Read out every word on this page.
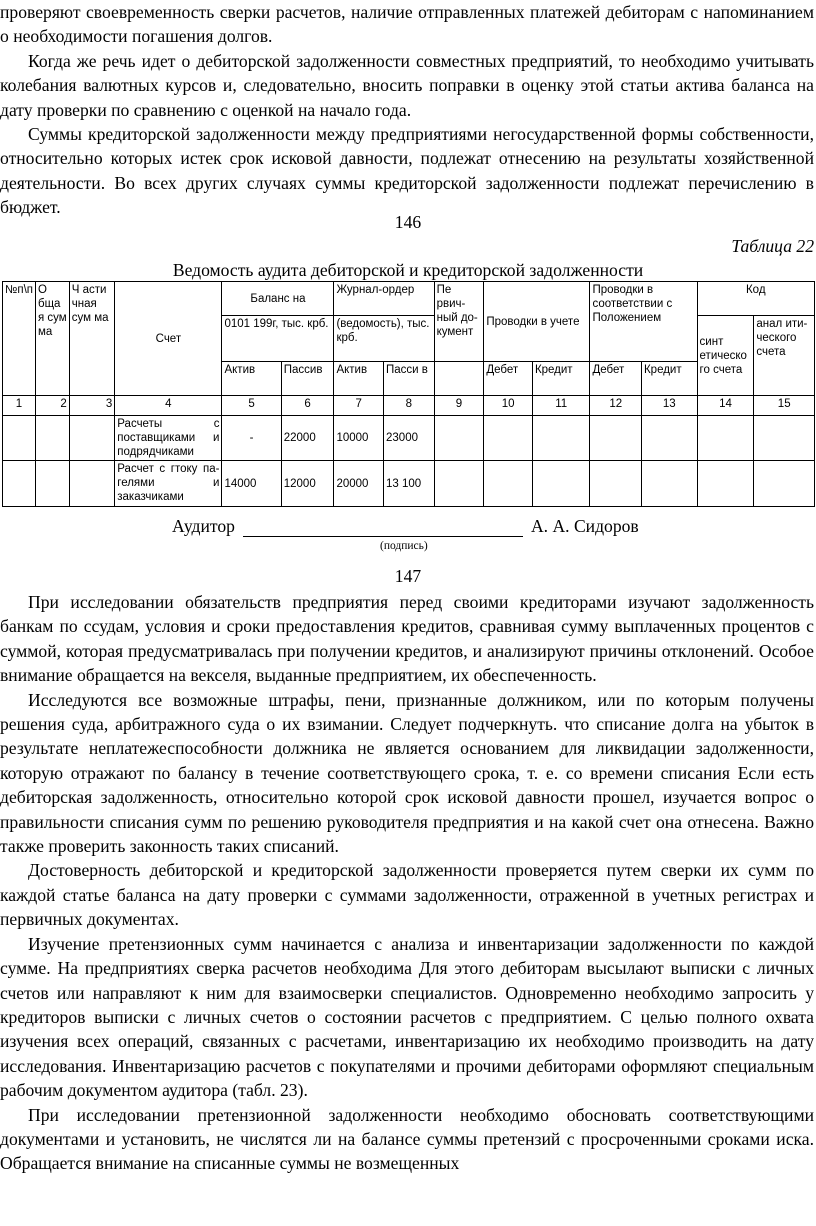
проверяют своевременность сверки расчетов, наличие отправленных платежей дебиторам с напоминанием о необходимости погашения долгов.

Когда же речь идет о дебиторской задолженности совместных предприятий, то необходимо учитывать колебания валютных курсов и, следовательно, вносить поправки в оценку этой статьи актива баланса на дату проверки по сравнению с оценкой на начало года.

Суммы кредиторской задолженности между предприятиями негосударственной формы собственности, относительно которых истек срок исковой давности, подлежат отнесению на результаты хозяйственной деятельности. Во всех других случаях суммы кредиторской задолженности подлежат перечислению в бюджет.

146
Таблица 22
Ведомость аудита дебиторской и кредиторской задолженности
№п\п	О бща я сум ма	Ч асти чная сум ма	Счет	Баланс на		Журнал-ордер		Пе рвич-ный до-кумент	Проводки в учете		Проводки в соответствии с Положением		Код	
				0101 199г, тыс. крб.		(ведомость), тыс. крб.							синт етическо го счета	анал ити-ческого счета
				Актив	Пассив	Актив	Пасси в		Дебет	Кредит	Дебет	Кредит		
1	2	3	4	5	6	7	8	9	10	11	12	13	14	15
			Расчеты с поставщиками и подрядчиками	-	22000	10000	23000							
			Расчет с гтоку па-гелями и заказчиками	14000	12000	20000	13 100							
Аудитор	А. А. Сидоров
(подпись)
147

При исследовании обязательств предприятия перед своими кредиторами изучают задолженность банкам по ссудам, условия и сроки предоставления кредитов, сравнивая сумму выплаченных процентов с суммой, которая предусматривалась при получении кредитов, и анализируют причины отклонений. Особое внимание обращается на векселя, выданные предприятием, их обеспеченность.

Исследуются все возможные штрафы, пени, признанные должником, или по которым получены решения суда, арбитражного суда о их взимании. Следует подчеркнуть. что списание долга на убыток в результате неплатежеспособности должника не является основанием для ликвидации задолженности, которую отражают по балансу в течение соответствующего срока, т. е. со времени списания Если есть дебиторская задолженность, относительно которой срок исковой давности прошел, изучается вопрос о правильности списания сумм по решению руководителя предприятия и на какой счет она отнесена. Важно также проверить законность таких списаний.

Достоверность дебиторской и кредиторской задолженности проверяется путем сверки их сумм по каждой статье баланса на дату проверки с суммами задолженности, отраженной в учетных регистрах и первичных документах.

Изучение претензионных сумм начинается с анализа и инвентаризации задолженности по каждой сумме. На предприятиях сверка расчетов необходима Для этого дебиторам высылают выписки с личных счетов или направляют к ним для взаимосверки специалистов. Одновременно необходимо запросить у кредиторов выписки с личных счетов о состоянии расчетов с предприятием. С целью полного охвата изучения всех операций, связанных с расчетами, инвентаризацию их необходимо производить на дату исследования. Инвентаризацию расчетов с покупателями и прочими дебиторами оформляют специальным рабочим документом аудитора (табл. 23).

При исследовании претензионной задолженности необходимо обосновать соответствующими документами и установить, не числятся ли на балансе суммы претензий с просроченными сроками иска. Обращается внимание на списанные суммы не возмещенных
